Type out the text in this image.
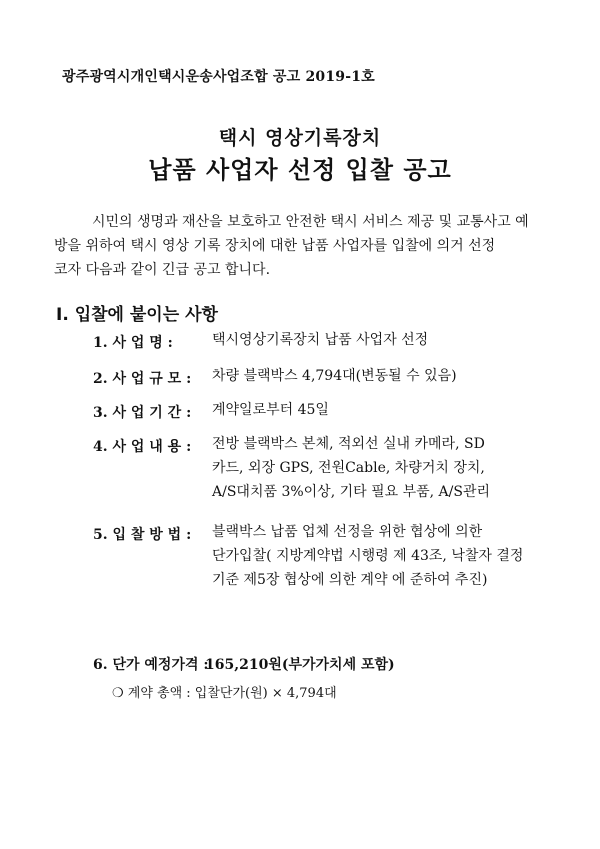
광주광역시개인택시운송사업조합 공고 2019-1호
택시 영상기록장치
납품 사업자 선정 입찰 공고
시민의 생명과 재산을 보호하고 안전한 택시 서비스 제공 및 교통사고 예
방을 위하여 택시 영상 기록 장치에 대한 납품 사업자를 입찰에 의거 선정
코자 다음과 같이 긴급 공고 합니다.
Ⅰ. 입찰에 붙이는 사항
1. 사 업 명 :	택시영상기록장치 납품 사업자 선정
2. 사 업 규 모 :	차량 블랙박스 4,794대(변동될 수 있음)
3. 사 업 기 간 :	계약일로부터 45일
4. 사 업 내 용 :	전방 블랙박스 본체, 적외선 실내 카메라, SD
카드, 외장 GPS, 전원Cable, 차량거치 장치,
A/S대치품 3%이상, 기타 필요 부품, A/S관리
5. 입 찰 방 법 :	블랙박스 납품 업체 선정을 위한 협상에 의한
단가입찰( 지방계약법 시행령 제 43조, 낙찰자 결정
기준 제5장 협상에 의한 계약 에 준하여 추진)
6. 단가 예정가격 :165,210원(부가가치세 포함)
❍ 계약 총액 : 입찰단가(원) × 4,794대
